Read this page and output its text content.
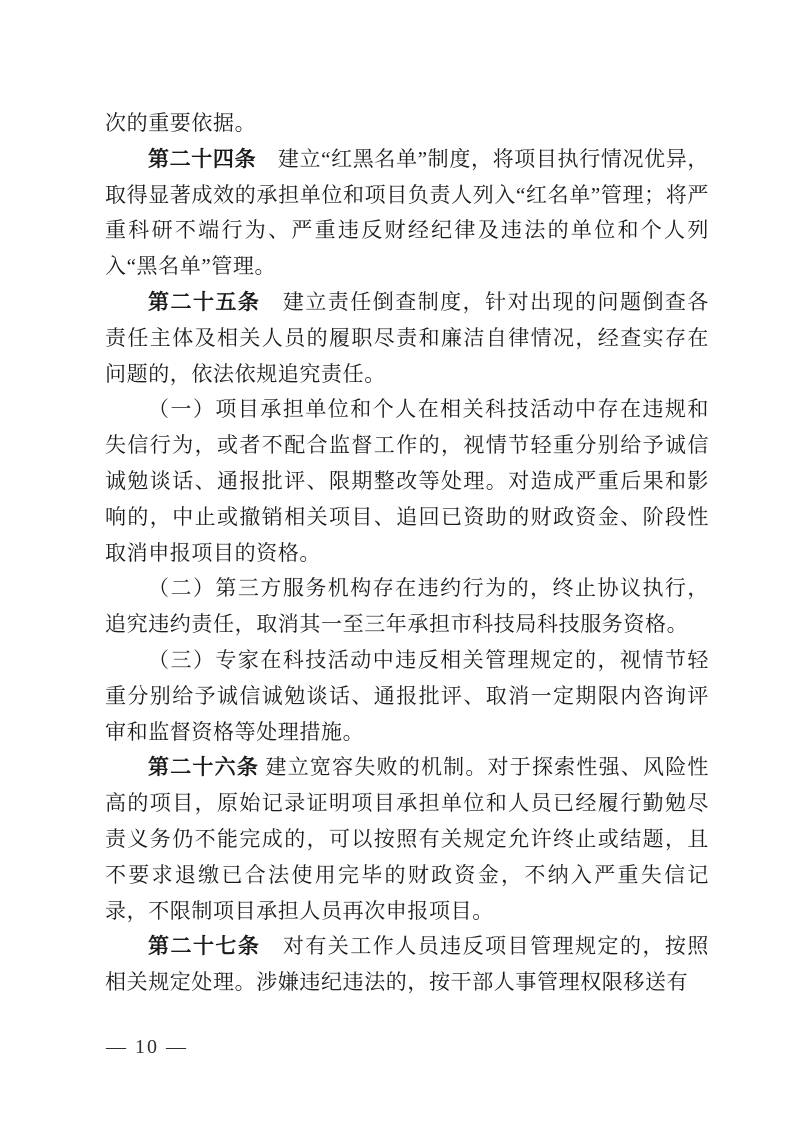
次的重要依据。

第二十四条　 建立“红黑名单”制度，将项目执行情况优异，取得显著成效的承担单位和项目负责人列入“红名单”管理；将严重科研不端行为、严重违反财经纪律及违法的单位和个人列入“黑名单”管理。

第二十五条　 建立责任倒查制度，针对出现的问题倒查各责任主体及相关人员的履职尽责和廉洁自律情况，经查实存在问题的，依法依规追究责任。

（一）项目承担单位和个人在相关科技活动中存在违规和失信行为，或者不配合监督工作的，视情节轻重分别给予诚信诚勉谈话、通报批评、限期整改等处理。对造成严重后果和影响的，中止或撤销相关项目、追回已资助的财政资金、阶段性取消申报项目的资格。

（二）第三方服务机构存在违约行为的，终止协议执行，追究违约责任，取消其一至三年承担市科技局科技服务资格。

（三）专家在科技活动中违反相关管理规定的，视情节轻重分别给予诚信诚勉谈话、通报批评、取消一定期限内咨询评审和监督资格等处理措施。

第二十六条 建立宽容失败的机制。对于探索性强、风险性高的项目，原始记录证明项目承担单位和人员已经履行勤勉尽责义务仍不能完成的，可以按照有关规定允许终止或结题，且不要求退缴已合法使用完毕的财政资金，不纳入严重失信记录，不限制项目承担人员再次申报项目。

第二十七条　 对有关工作人员违反项目管理规定的，按照相关规定处理。涉嫌违纪违法的，按干部人事管理权限移送有

— 10 —
